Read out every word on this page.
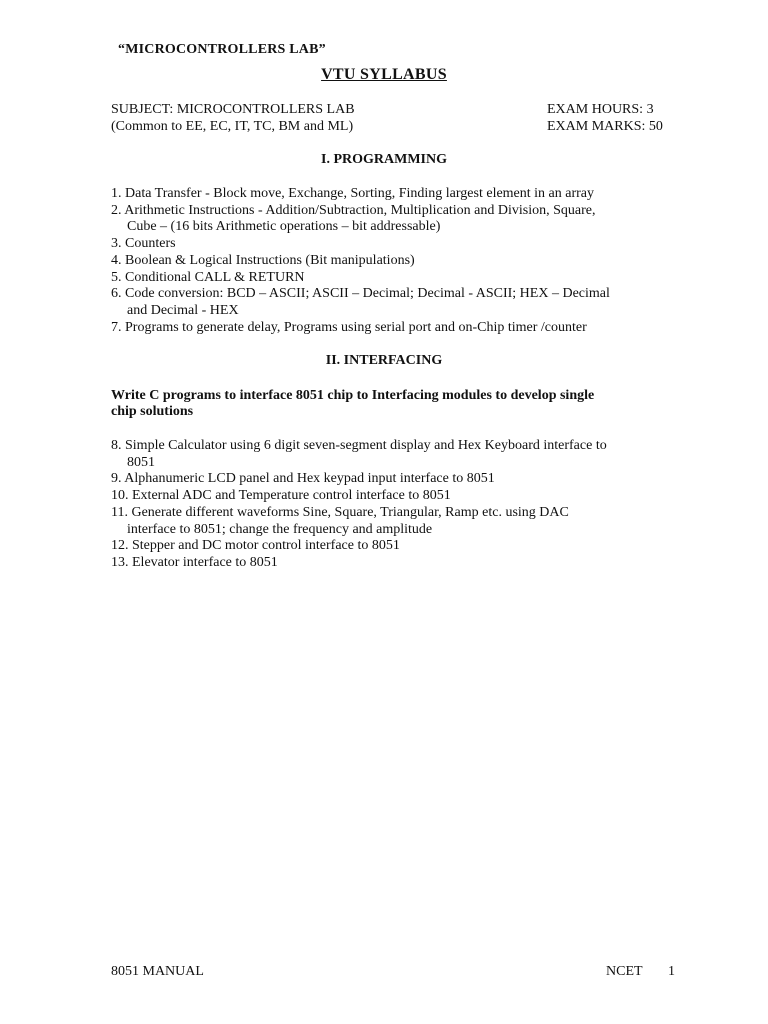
“MICROCONTROLLERS LAB”
VTU SYLLABUS
SUBJECT: MICROCONTROLLERS LAB	EXAM HOURS: 3
(Common to EE, EC, IT, TC, BM and ML)	EXAM MARKS: 50
I. PROGRAMMING
1. Data Transfer - Block move, Exchange, Sorting, Finding largest element in an array
2. Arithmetic Instructions - Addition/Subtraction, Multiplication and Division, Square,
Cube – (16 bits Arithmetic operations – bit addressable)
3. Counters
4. Boolean & Logical Instructions (Bit manipulations)
5. Conditional CALL & RETURN
6. Code conversion: BCD – ASCII; ASCII – Decimal; Decimal - ASCII; HEX – Decimal
and Decimal - HEX
7. Programs to generate delay, Programs using serial port and on-Chip timer /counter
II. INTERFACING
Write C programs to interface 8051 chip to Interfacing modules to develop single
chip solutions
8. Simple Calculator using 6 digit seven-segment display and Hex Keyboard interface to
8051
9. Alphanumeric LCD panel and Hex keypad input interface to 8051
10. External ADC and Temperature control interface to 8051
11. Generate different waveforms Sine, Square, Triangular, Ramp etc. using DAC
interface to 8051; change the frequency and amplitude
12. Stepper and DC motor control interface to 8051
13. Elevator interface to 8051
8051 MANUAL	NCET 1
